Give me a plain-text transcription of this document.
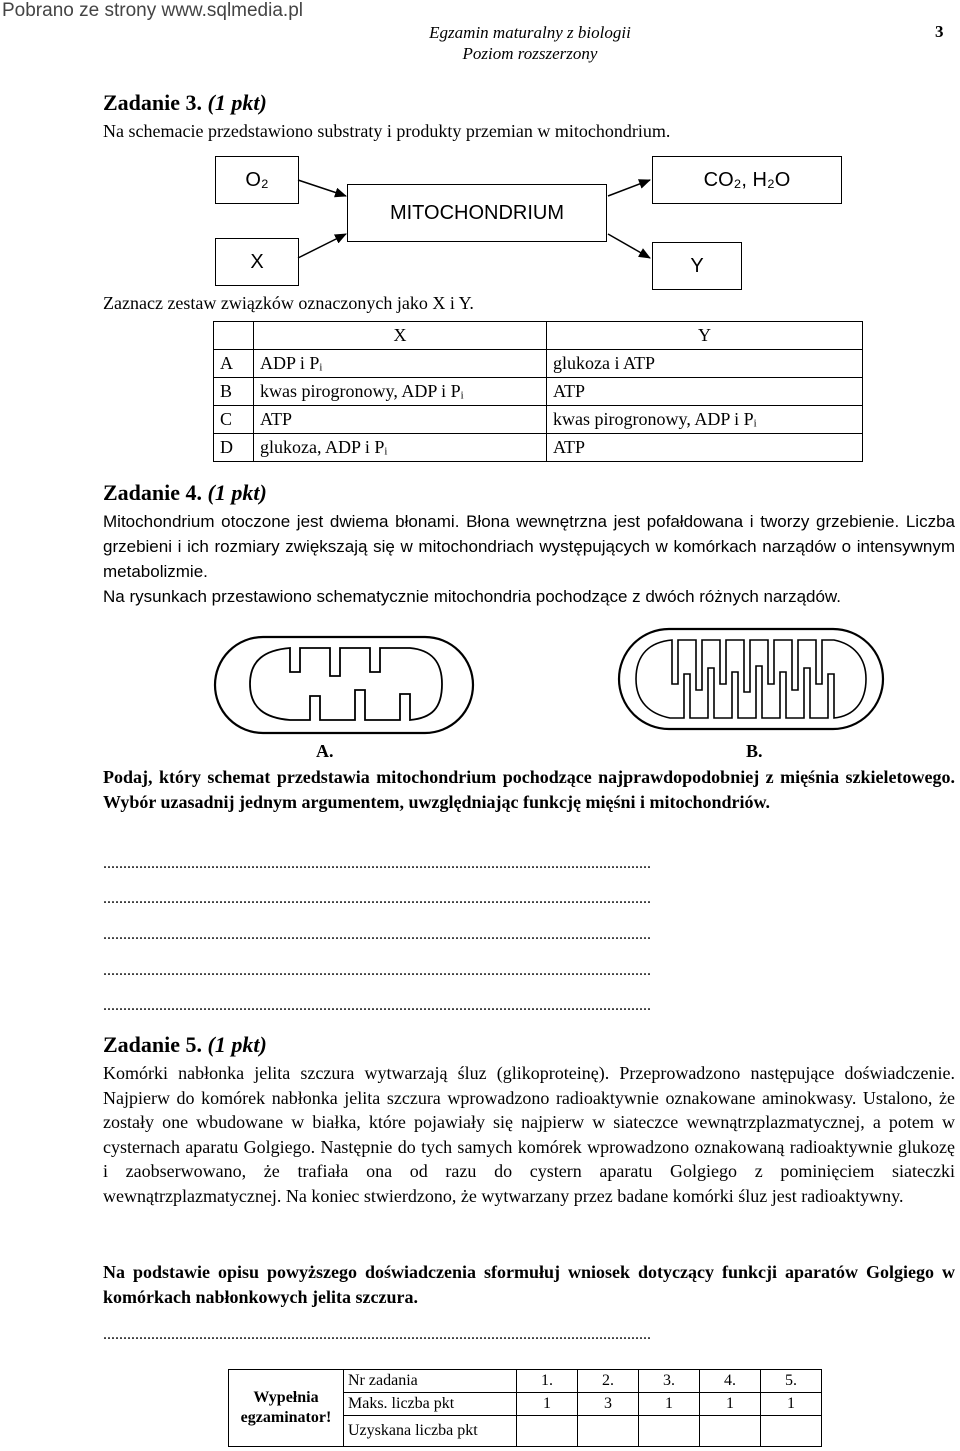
Pobrano ze strony www.sqlmedia.pl
Egzamin maturalny z biologii
Poziom rozszerzony
3
Zadanie 3. (1 pkt)
Na schemacie przedstawiono substraty i produkty przemian w mitochondrium.
O₂	CO₂, H₂O
MITOCHONDRIUM
X	Y
Zaznacz zestaw związków oznaczonych jako X i Y.
	X	Y
A	ADP i Pᵢ	glukoza i ATP
B	kwas pirogronowy, ADP i Pᵢ	ATP
C	ATP	kwas pirogronowy, ADP i Pᵢ
D	glukoza, ADP i Pᵢ	ATP
Zadanie 4. (1 pkt)
Mitochondrium otoczone jest dwiema błonami. Błona wewnętrzna jest pofałdowana i tworzy grzebienie. Liczba grzebieni i ich rozmiary zwiększają się w mitochondriach występujących w komórkach narządów o intensywnym metabolizmie.
Na rysunkach przestawiono schematycznie mitochondria pochodzące z dwóch różnych narządów.
A.	B.
Podaj, który schemat przedstawia mitochondrium pochodzące najprawdopodobniej z mięśnia szkieletowego. Wybór uzasadnij jednym argumentem, uwzględniając funkcję mięśni i mitochondriów.
.........................................................................................................................................
.........................................................................................................................................
.........................................................................................................................................
.........................................................................................................................................
.........................................................................................................................................
Zadanie 5. (1 pkt)
Komórki nabłonka jelita szczura wytwarzają śluz (glikoproteinę). Przeprowadzono następujące doświadczenie. Najpierw do komórek nabłonka jelita szczura wprowadzono radioaktywnie oznakowane aminokwasy. Ustalono, że zostały one wbudowane w białka, które pojawiały się najpierw w siateczce wewnątrzplazmatycznej, a potem w cysternach aparatu Golgiego. Następnie do tych samych komórek wprowadzono oznakowaną radioaktywnie glukozę i zaobserwowano, że trafiała ona od razu do cystern aparatu Golgiego z pominięciem siateczki wewnątrzplazmatycznej. Na koniec stwierdzono, że wytwarzany przez badane komórki śluz jest radioaktywny.
Na podstawie opisu powyższego doświadczenia sformułuj wniosek dotyczący funkcji aparatów Golgiego w komórkach nabłonkowych jelita szczura.
.........................................................................................................................................
Wypełnia egzaminator!	Nr zadania	1.	2.	3.	4.	5.
	Maks. liczba pkt	1	3	1	1	1
	Uzyskana liczba pkt					
